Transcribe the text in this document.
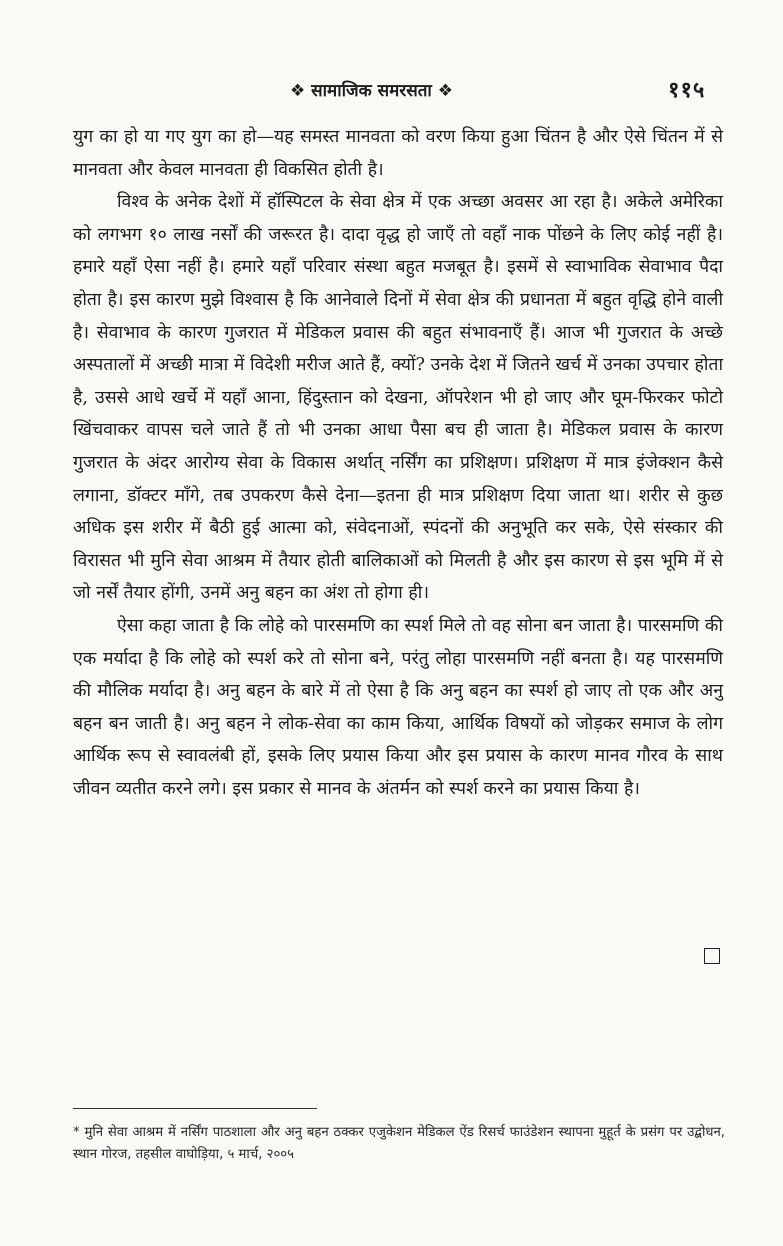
❖ सामाजिक समरसता ❖	११५

युग का हो या गए युग का हो—यह समस्त मानवता को वरण किया हुआ चिंतन है और ऐसे चिंतन में से मानवता और केवल मानवता ही विकसित होती है।

विश्व के अनेक देशों में हॉस्पिटल के सेवा क्षेत्र में एक अच्छा अवसर आ रहा है। अकेले अमेरिका को लगभग १० लाख नर्सों की जरूरत है। दादा वृद्ध हो जाएँ तो वहाँ नाक पोंछने के लिए कोई नहीं है। हमारे यहाँ ऐसा नहीं है। हमारे यहाँ परिवार संस्था बहुत मजबूत है। इसमें से स्वाभाविक सेवाभाव पैदा होता है। इस कारण मुझे विश्वास है कि आनेवाले दिनों में सेवा क्षेत्र की प्रधानता में बहुत वृद्धि होने वाली है। सेवाभाव के कारण गुजरात में मेडिकल प्रवास की बहुत संभावनाएँ हैं। आज भी गुजरात के अच्छे अस्पतालों में अच्छी मात्रा में विदेशी मरीज आते हैं, क्यों? उनके देश में जितने खर्च में उनका उपचार होता है, उससे आधे खर्चे में यहाँ आना, हिंदुस्तान को देखना, ऑपरेशन भी हो जाए और घूम-फिरकर फोटो खिंचवाकर वापस चले जाते हैं तो भी उनका आधा पैसा बच ही जाता है। मेडिकल प्रवास के कारण गुजरात के अंदर आरोग्य सेवा के विकास अर्थात् नर्सिंग का प्रशिक्षण। प्रशिक्षण में मात्र इंजेक्शन कैसे लगाना, डॉक्टर माँगे, तब उपकरण कैसे देना—इतना ही मात्र प्रशिक्षण दिया जाता था। शरीर से कुछ अधिक इस शरीर में बैठी हुई आत्मा को, संवेदनाओं, स्पंदनों की अनुभूति कर सके, ऐसे संस्कार की विरासत भी मुनि सेवा आश्रम में तैयार होती बालिकाओं को मिलती है और इस कारण से इस भूमि में से जो नर्सें तैयार होंगी, उनमें अनु बहन का अंश तो होगा ही।

ऐसा कहा जाता है कि लोहे को पारसमणि का स्पर्श मिले तो वह सोना बन जाता है। पारसमणि की एक मर्यादा है कि लोहे को स्पर्श करे तो सोना बने, परंतु लोहा पारसमणि नहीं बनता है। यह पारसमणि की मौलिक मर्यादा है। अनु बहन के बारे में तो ऐसा है कि अनु बहन का स्पर्श हो जाए तो एक और अनु बहन बन जाती है। अनु बहन ने लोक-सेवा का काम किया, आर्थिक विषयों को जोड़कर समाज के लोग आर्थिक रूप से स्वावलंबी हों, इसके लिए प्रयास किया और इस प्रयास के कारण मानव गौरव के साथ जीवन व्यतीत करने लगे। इस प्रकार से मानव के अंतर्मन को स्पर्श करने का प्रयास किया है।

* मुनि सेवा आश्रम में नर्सिंग पाठशाला और अनु बहन ठक्कर एजुकेशन मेडिकल ऐंड रिसर्च फाउंडेशन स्थापना मुहूर्त के प्रसंग पर उद्बोधन, स्थान गोरज, तहसील वाघोड़िया, ५ मार्च, २००५
